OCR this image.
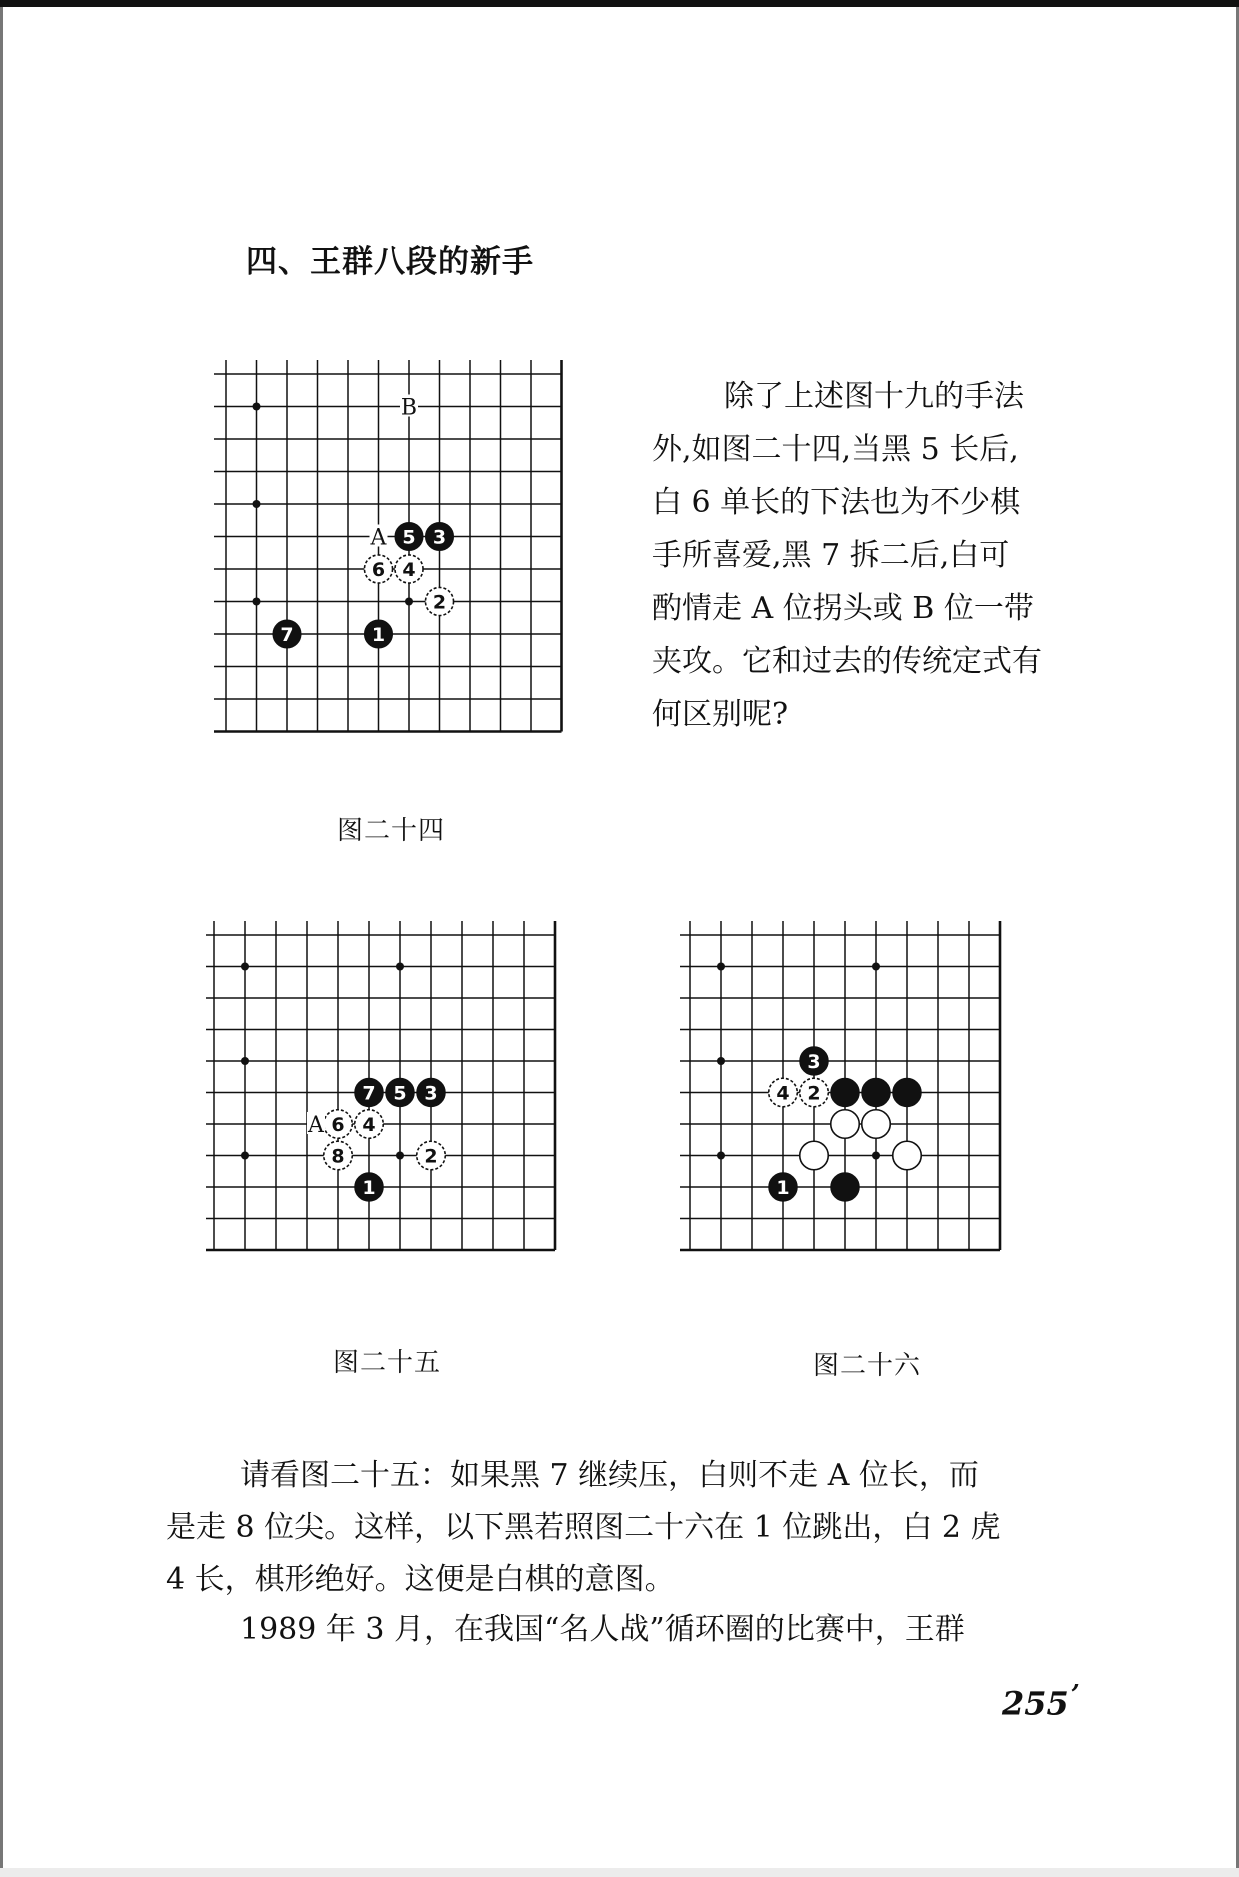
四、王群八段的新手
5 3
6 4
2
7	1
B
A
图二十四
除了上述图十九的手法
外,如图二十四,当黑 5 长后,
白 6 单长的下法也为不少棋
手所喜爱,黑 7 拆二后,白可
酌情走 A 位拐头或 B 位一带
夹攻。它和过去的传统定式有
何区别呢?
7 5 3
6 4
8	2
1
A
图二十五
3
4 2
1
图二十六
请看图二十五：如果黑 7 继续压，白则不走 A 位长，而
是走 8 位尖。这样，以下黑若照图二十六在 1 位跳出，白 2 虎
4 长，棋形绝好。这便是白棋的意图。
1989 年 3 月，在我国“名人战”循环圈的比赛中，王群
255 ’
